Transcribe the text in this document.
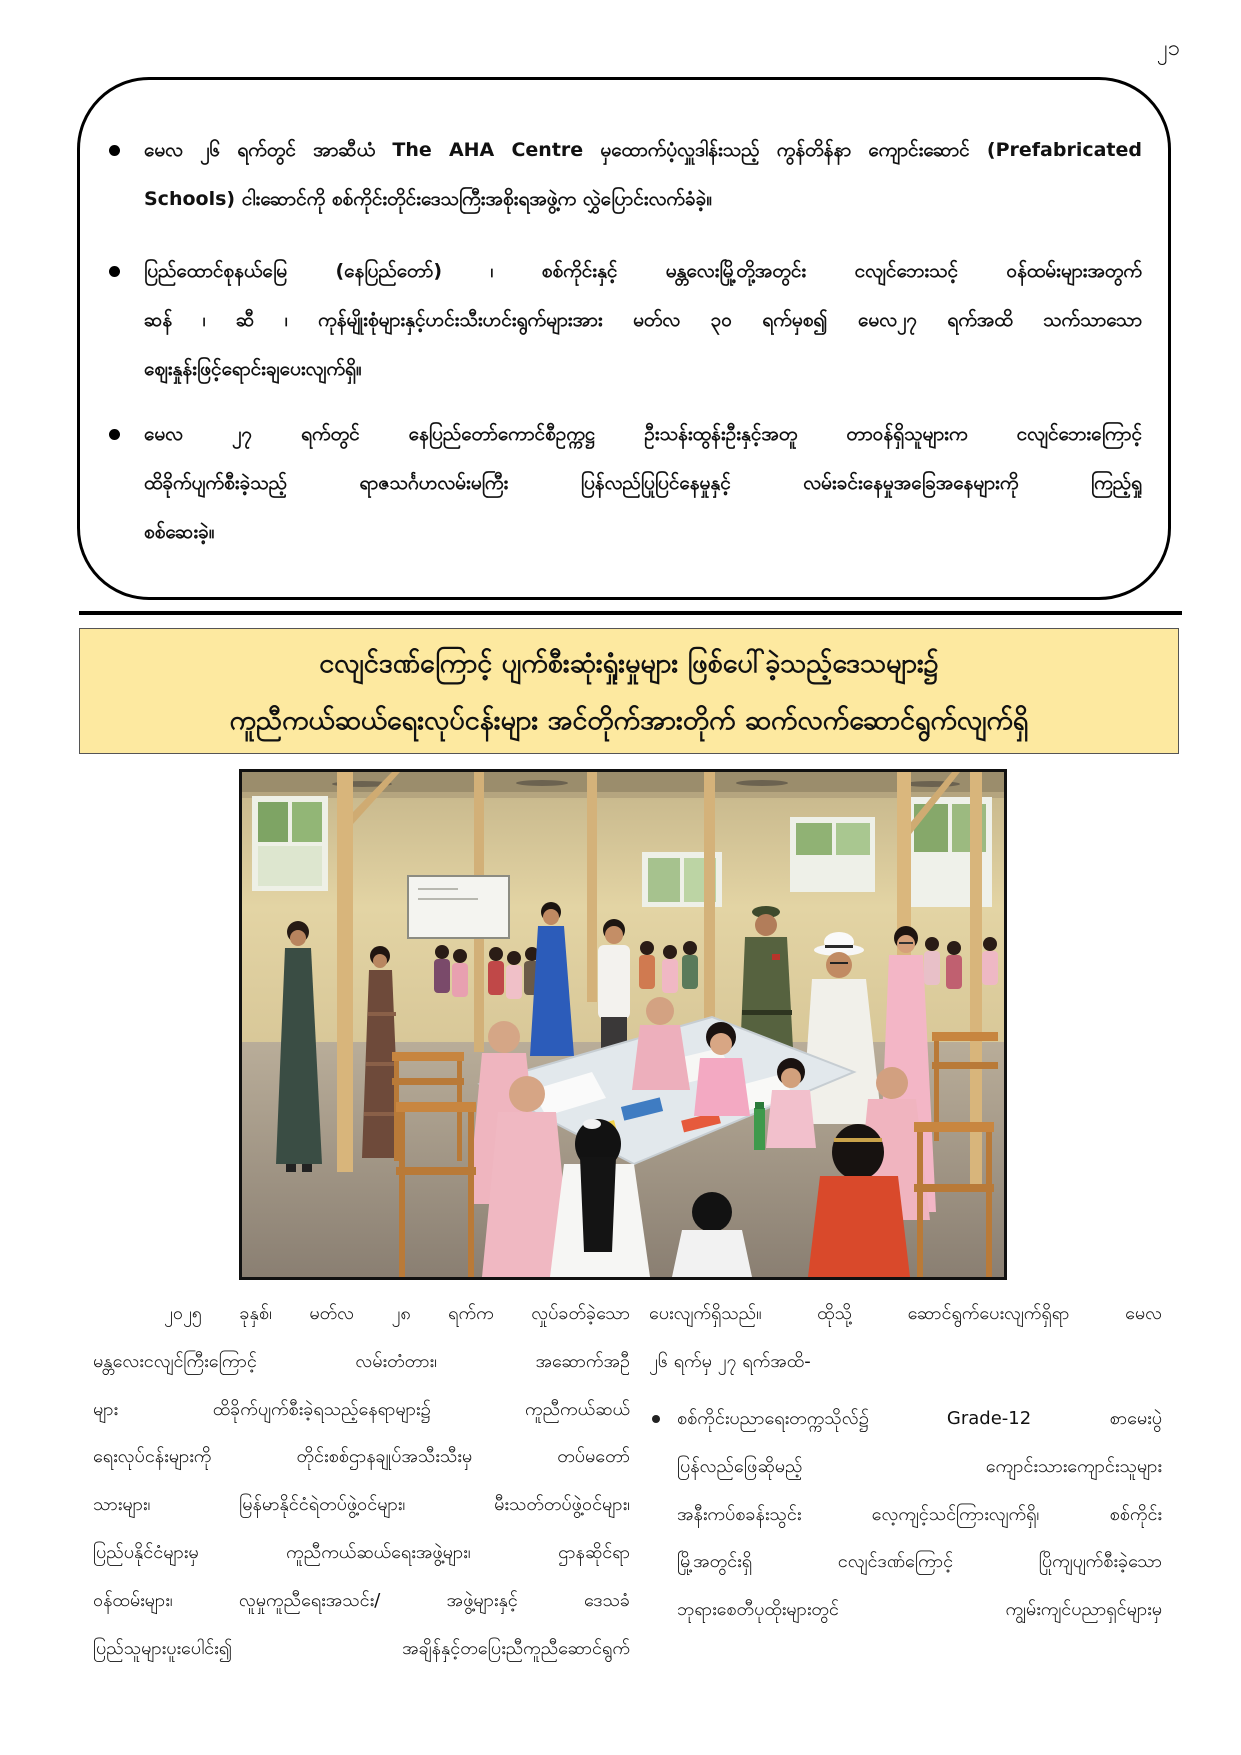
၂၁
မေလ ၂၆ ရက်တွင် အာဆီယံ The AHA Centre မှထောက်ပံ့လှူဒါန်းသည့် ကွန်တိန်နာ ကျောင်းဆောင် (Prefabricated
Schools) ငါးဆောင်ကို စစ်ကိုင်းတိုင်းဒေသကြီးအစိုးရအဖွဲ့က လွှဲပြောင်းလက်ခံခဲ့။
ပြည်ထောင်စုနယ်မြေ (နေပြည်တော်) ၊ စစ်ကိုင်းနှင့် မန္တလေးမြို့တို့အတွင်း ငလျင်ဘေးသင့် ဝန်ထမ်းများအတွက်
ဆန် ၊ ဆီ ၊ ကုန်မျိုးစုံများနှင့်ဟင်းသီးဟင်းရွက်များအား မတ်လ ၃၀ ရက်မှစ၍ မေလ၂၇ ရက်အထိ သက်သာသော
ဈေးနှုန်းဖြင့်ရောင်းချပေးလျက်ရှိ။
မေလ ၂၇ ရက်တွင် နေပြည်တော်ကောင်စီဥက္ကဋ္ဌ ဦးသန်းထွန်းဦးနှင့်အတူ တာဝန်ရှိသူများက ငလျင်ဘေးကြောင့်
ထိခိုက်ပျက်စီးခဲ့သည့် ရာဇသင်္ဂဟလမ်းမကြီး ပြန်လည်ပြုပြင်နေမှုနှင့် လမ်းခင်းနေမှုအခြေအနေများကို ကြည့်ရှု
စစ်ဆေးခဲ့။
ငလျင်ဒဏ်ကြောင့် ပျက်စီးဆုံးရှုံးမှုများ ဖြစ်ပေါ်ခဲ့သည့်ဒေသများ၌
ကူညီကယ်ဆယ်ရေးလုပ်ငန်းများ အင်တိုက်အားတိုက် ဆက်လက်ဆောင်ရွက်လျက်ရှိ
၂၀၂၅ ခုနှစ်၊ မတ်လ ၂၈ ရက်က လှုပ်ခတ်ခဲ့သော
မန္တလေးငလျင်ကြီးကြောင့် လမ်းတံတား၊ အဆောက်အဦ
များ ထိခိုက်ပျက်စီးခဲ့ရသည့်နေရာများ၌ ကူညီကယ်ဆယ်
ရေးလုပ်ငန်းများကို တိုင်းစစ်ဌာနချုပ်အသီးသီးမှ တပ်မတော်
သားများ၊ မြန်မာနိုင်ငံရဲတပ်ဖွဲ့ဝင်များ၊ မီးသတ်တပ်ဖွဲ့ဝင်များ၊
ပြည်ပနိုင်ငံများမှ ကူညီကယ်ဆယ်ရေးအဖွဲ့များ၊ ဌာနဆိုင်ရာ
ဝန်ထမ်းများ၊ လူမှုကူညီရေးအသင်း/ အဖွဲ့များနှင့် ဒေသခံ
ပြည်သူများပူးပေါင်း၍ အချိန်နှင့်တပြေးညီကူညီဆောင်ရွက်
ပေးလျက်ရှိသည်။ ထိုသို့ ဆောင်ရွက်ပေးလျက်ရှိရာ မေလ
၂၆ ရက်မှ ၂၇ ရက်အထိ-
စစ်ကိုင်းပညာရေးတက္ကသိုလ်၌ Grade-12 စာမေးပွဲ
ပြန်လည်ဖြေဆိုမည့် ကျောင်းသားကျောင်းသူများ
အနီးကပ်စခန်းသွင်း လေ့ကျင့်သင်ကြားလျက်ရှိ၊ စစ်ကိုင်း
မြို့အတွင်းရှိ ငလျင်ဒဏ်ကြောင့် ပြိုကျပျက်စီးခဲ့သော
ဘုရားစေတီပုထိုးများတွင် ကျွမ်းကျင်ပညာရှင်များမှ
